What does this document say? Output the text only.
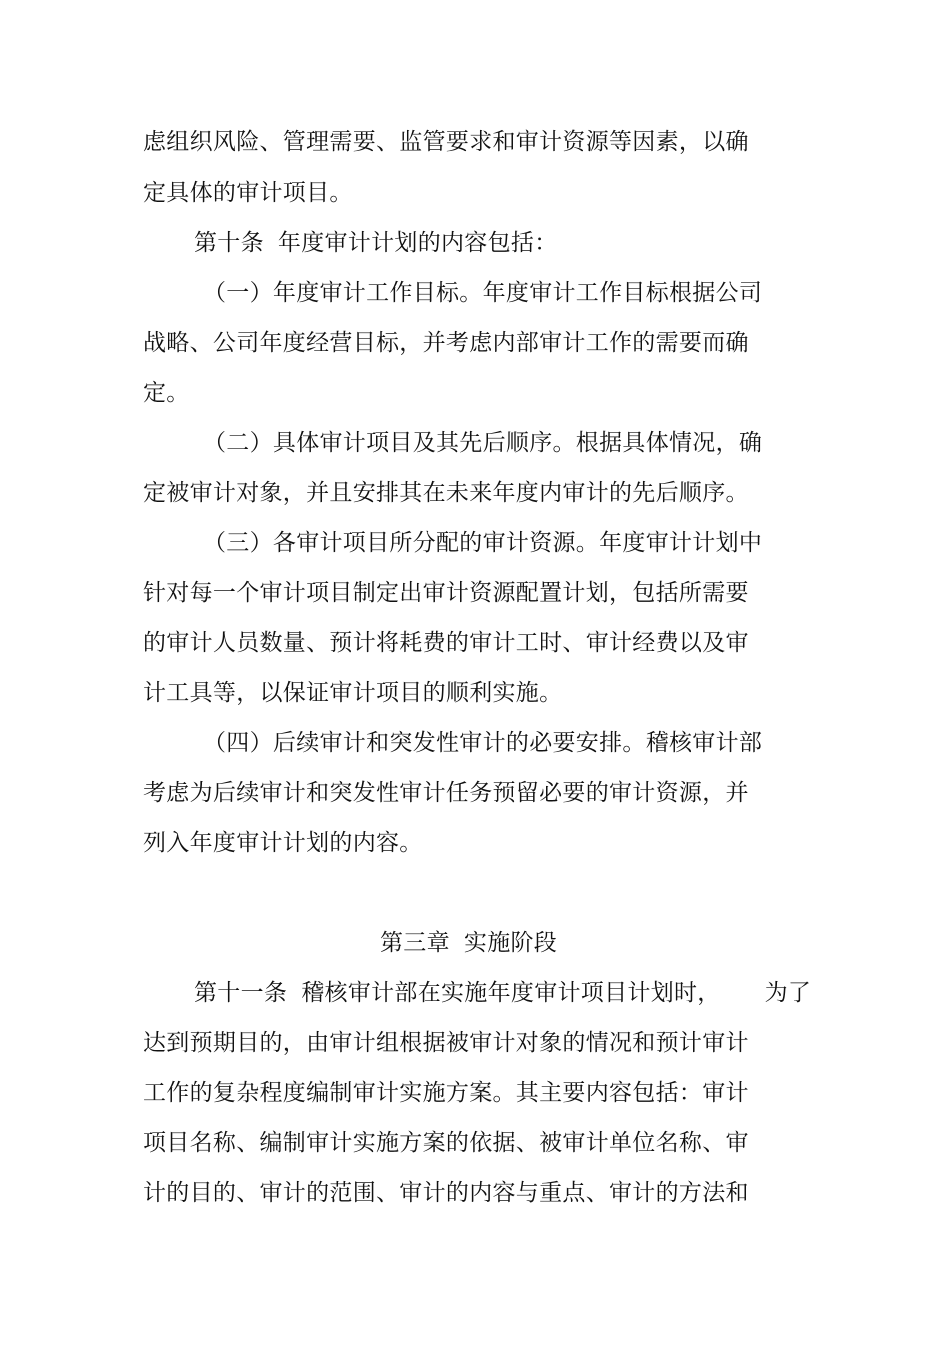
虑组织风险、管理需要、监管要求和审计资源等因素，以确
定具体的审计项目。
第十条 年度审计计划的内容包括：
（一）年度审计工作目标。年度审计工作目标根据公司
战略、公司年度经营目标，并考虑内部审计工作的需要而确
定。
（二）具体审计项目及其先后顺序。根据具体情况，确
定被审计对象，并且安排其在未来年度内审计的先后顺序。
（三）各审计项目所分配的审计资源。年度审计计划中
针对每一个审计项目制定出审计资源配置计划，包括所需要
的审计人员数量、预计将耗费的审计工时、审计经费以及审
计工具等，以保证审计项目的顺利实施。
（四）后续审计和突发性审计的必要安排。稽核审计部
考虑为后续审计和突发性审计任务预留必要的审计资源，并
列入年度审计计划的内容。
第三章 实施阶段
第十一条 稽核审计部在实施年度审计项目计划时， 为了
达到预期目的，由审计组根据被审计对象的情况和预计审计
工作的复杂程度编制审计实施方案。其主要内容包括：审计
项目名称、编制审计实施方案的依据、被审计单位名称、审
计的目的、审计的范围、审计的内容与重点、审计的方法和
